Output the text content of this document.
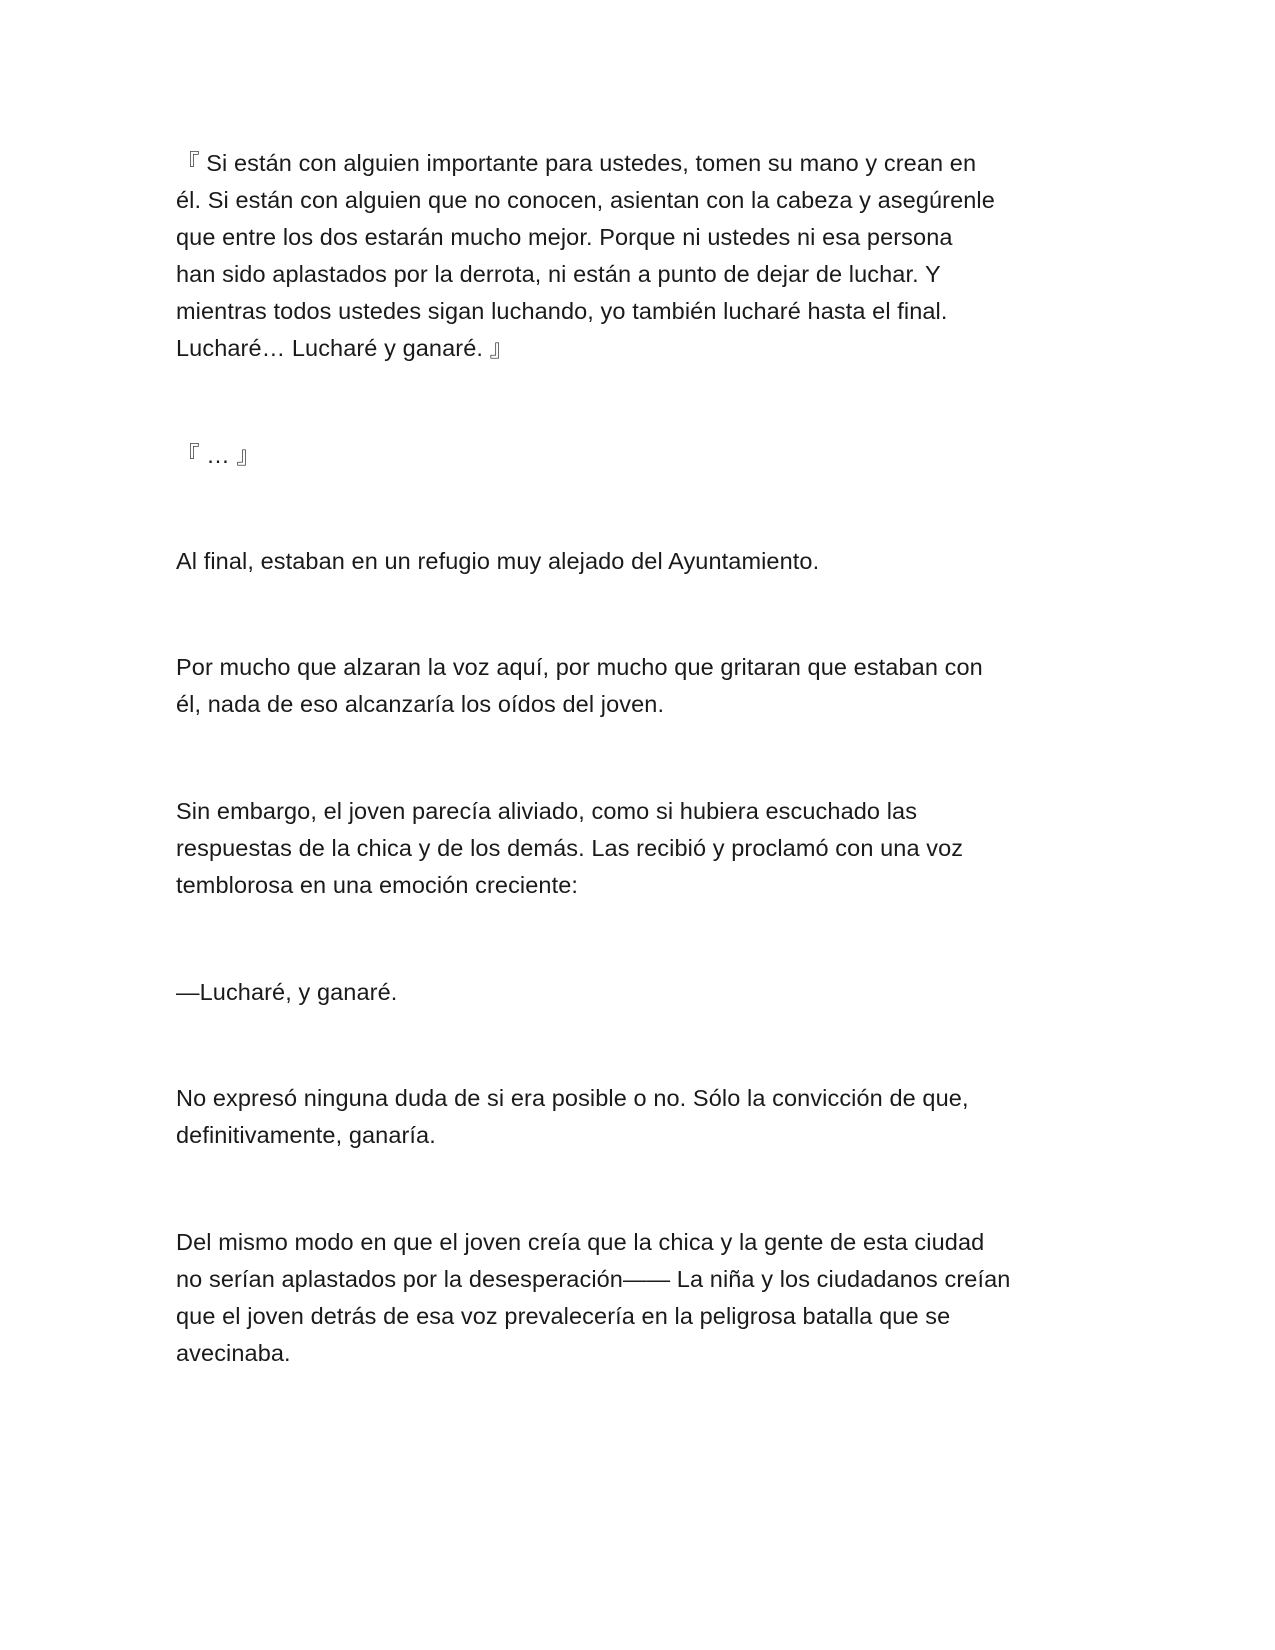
『 Si están con alguien importante para ustedes, tomen su mano y crean en
él. Si están con alguien que no conocen, asientan con la cabeza y asegúrenle
que entre los dos estarán mucho mejor. Porque ni ustedes ni esa persona
han sido aplastados por la derrota, ni están a punto de dejar de luchar. Y
mientras todos ustedes sigan luchando, yo también lucharé hasta el final.
Lucharé… Lucharé y ganaré. 』
『 … 』
Al final, estaban en un refugio muy alejado del Ayuntamiento.
Por mucho que alzaran la voz aquí, por mucho que gritaran que estaban con
él, nada de eso alcanzaría los oídos del joven.
Sin embargo, el joven parecía aliviado, como si hubiera escuchado las
respuestas de la chica y de los demás. Las recibió y proclamó con una voz
temblorosa en una emoción creciente:
—Lucharé, y ganaré.
No expresó ninguna duda de si era posible o no. Sólo la convicción de que,
definitivamente, ganaría.
Del mismo modo en que el joven creía que la chica y la gente de esta ciudad
no serían aplastados por la desesperación—— La niña y los ciudadanos creían
que el joven detrás de esa voz prevalecería en la peligrosa batalla que se
avecinaba.
